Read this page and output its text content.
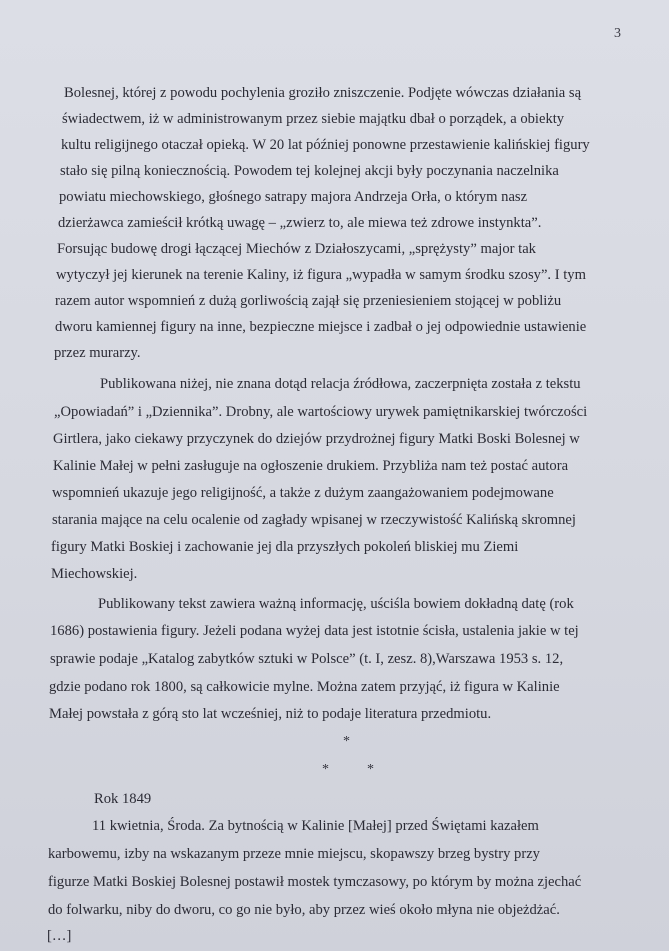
3
Bolesnej, której z powodu pochylenia groziło zniszczenie. Podjęte wówczas działania są
świadectwem, iż w administrowanym przez siebie majątku dbał o porządek, a obiekty
kultu religijnego otaczał opieką. W 20 lat później ponowne przestawienie kalińskiej figury
stało się pilną koniecznością. Powodem tej kolejnej akcji były poczynania naczelnika
powiatu miechowskiego, głośnego satrapy majora Andrzeja Orła, o którym nasz
dzierżawca zamieścił krótką uwagę – „zwierz to, ale miewa też zdrowe instynkta”.
Forsując budowę drogi łączącej Miechów z Działoszycami, „sprężysty” major tak
wytyczył jej kierunek na terenie Kaliny, iż figura „wypadła w samym środku szosy”. I tym
razem autor wspomnień z dużą gorliwością zajął się przeniesieniem stojącej w pobliżu
dworu kamiennej figury na inne, bezpieczne miejsce i zadbał o jej odpowiednie ustawienie
przez murarzy.
Publikowana niżej, nie znana dotąd relacja źródłowa, zaczerpnięta została z tekstu
„Opowiadań” i „Dziennika”. Drobny, ale wartościowy urywek pamiętnikarskiej twórczości
Girtlera, jako ciekawy przyczynek do dziejów przydrożnej figury Matki Boski Bolesnej w
Kalinie Małej w pełni zasługuje na ogłoszenie drukiem. Przybliża nam też postać autora
wspomnień ukazuje jego religijność, a także z dużym zaangażowaniem podejmowane
starania mające na celu ocalenie od zagłady wpisanej w rzeczywistość Kalińską skromnej
figury Matki Boskiej i zachowanie jej dla przyszłych pokoleń bliskiej mu Ziemi
Miechowskiej.
Publikowany tekst zawiera ważną informację, uściśla bowiem dokładną datę (rok
1686) postawienia figury. Jeżeli podana wyżej data jest istotnie ścisła, ustalenia jakie w tej
sprawie podaje „Katalog zabytków sztuki w Polsce” (t. I, zesz. 8),Warszawa 1953 s. 12,
gdzie podano rok 1800, są całkowicie mylne. Można zatem przyjąć, iż figura w Kalinie
Małej powstała z górą sto lat wcześniej, niż to podaje literatura przedmiotu.
*
*	*
Rok 1849
11 kwietnia, Środa. Za bytnością w Kalinie [Małej] przed Świętami kazałem
karbowemu, izby na wskazanym przeze mnie miejscu, skopawszy brzeg bystry przy
figurze Matki Boskiej Bolesnej postawił mostek tymczasowy, po którym by można zjechać
do folwarku, niby do dworu, co go nie było, aby przez wieś około młyna nie objeżdżać.
[…]
